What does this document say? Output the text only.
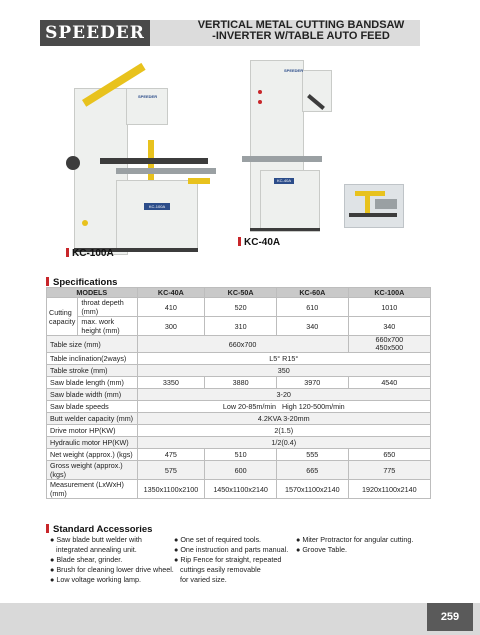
SPEEDER	VERTICAL METAL CUTTING BANDSAW
-INVERTER W/TABLE AUTO FEED
KC-100A
SPEEDER
KC-100A
KC-40A
SPEEDER
KC-40A
Specifications
MODELS		KC-40A	KC-50A	KC-60A	KC-100A
Cutting capacity	throat depeth (mm)	410	520	610	1010
	max. work height (mm)	300	310	340	340
Table size (mm)		660x700			660x700
450x500

Table inclination(2ways)		L5° R15°			
Table stroke (mm)		350			
Saw blade length (mm)		3350	3880	3970	4540
Saw blade width (mm)		3-20			
Saw blade speeds		Low 20-85m/min   High 120-500m/min			
Butt welder capacity (mm)		4.2KVA 3-20mm			
Drive motor HP(KW)		2(1.5)			
Hydraulic motor HP(KW)		1/2(0.4)			
Net weight (approx.) (kgs)		475	510	555	650
Gross weight (approx.) (kgs)		575	600	665	775
Measurement (LxWxH) (mm)		1350x1100x2100	1450x1100x2140	1570x1100x2140	1920x1100x2140
Standard Accessories
● Saw blade butt welder with
integrated annealing unit.
● Blade shear, grinder.
● Brush for cleaning lower drive wheel.
● Low voltage working lamp.
● One set of required tools.
● One instruction and parts manual.
● Rip Fence for straight, repeated
cuttings easily removable
for varied size.
● Miter Protractor for angular cutting.
● Groove Table.
259
